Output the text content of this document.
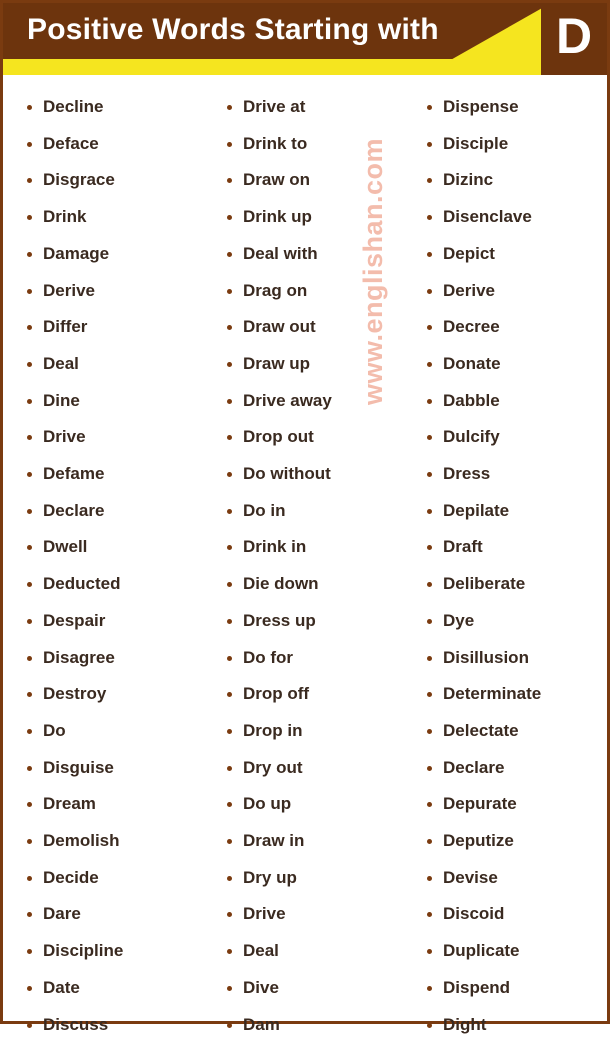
Positive Words Starting with D
Decline
Deface
Disgrace
Drink
Damage
Derive
Differ
Deal
Dine
Drive
Defame
Declare
Dwell
Deducted
Despair
Disagree
Destroy
Do
Disguise
Dream
Demolish
Decide
Dare
Discipline
Date
Discuss
Drive at
Drink to
Draw on
Drink up
Deal with
Drag on
Draw out
Draw up
Drive away
Drop out
Do without
Do in
Drink in
Die down
Dress up
Do for
Drop off
Drop in
Dry out
Do up
Draw in
Dry up
Drive
Deal
Dive
Dam
Dispense
Disciple
Dizinc
Disenclave
Depict
Derive
Decree
Donate
Dabble
Dulcify
Dress
Depilate
Draft
Deliberate
Dye
Disillusion
Determinate
Delectate
Declare
Depurate
Deputize
Devise
Discoid
Duplicate
Dispend
Dight
www.englishan.com
